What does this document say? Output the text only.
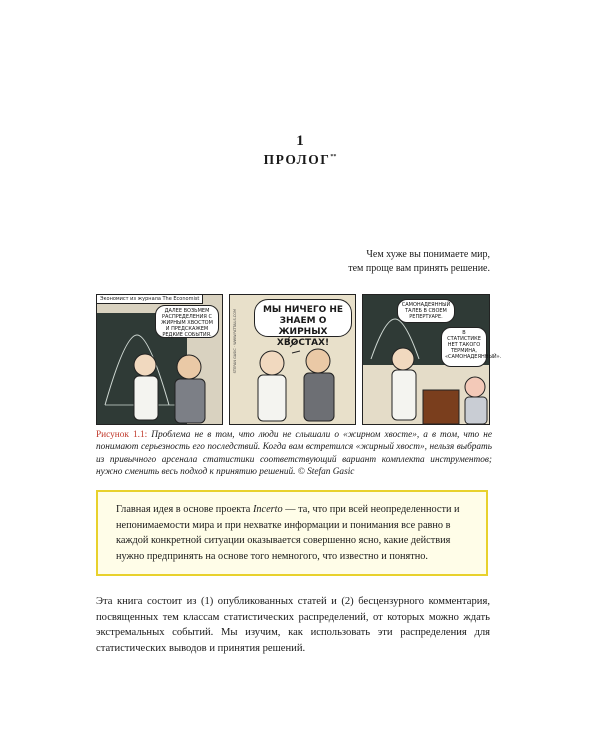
1
ПРОЛОГ**
Чем хуже вы понимаете мир,
тем проще вам принять решение.
Экономист из журнала The Economist
ДАЛЕЕ ВОЗЬМЕМ РАСПРЕДЕЛЕНИЯ С ЖИРНЫМ ХВОСТОМ И ПРЕДСКАЖЕМ РЕДКИЕ СОБЫТИЯ.
МЫ НИЧЕГО НЕ ЗНАЕМ О ЖИРНЫХ ХВОСТАХ!
STEFAN GASIC · WWW.FATTAILS.COM
САМОНАДЕЯННЫЙ ТАЛЕБ В СВОЕМ РЕПЕРТУАРЕ.
В СТАТИСТИКЕ НЕТ ТАКОГО ТЕРМИНА, «САМОНАДЕЯННЫЙ».
Рисунок 1.1: Проблема не в том, что люди не слышали о «жирном хвосте», а в том, что не понимают серьезность его последствий. Когда вам встретился «жирный хвост», нельзя выбрать из привычного арсенала статистики соответствующий вариант комплекта инструментов; нужно сменить весь подход к принятию решений. © Stefan Gasic
Главная идея в основе проекта Incerto — та, что при всей неопределенности и непонимаемости мира и при нехватке информации и понимания все равно в каждой конкретной ситуации оказывается совершенно ясно, какие действия нужно предпринять на основе того немногого, что известно и понятно.
Эта книга состоит из (1) опубликованных статей и (2) бесцензурного комментария, посвященных тем классам статистических распределений, от которых можно ждать экстремальных событий. Мы изучим, как использовать эти распределения для статистических выводов и принятия решений.
